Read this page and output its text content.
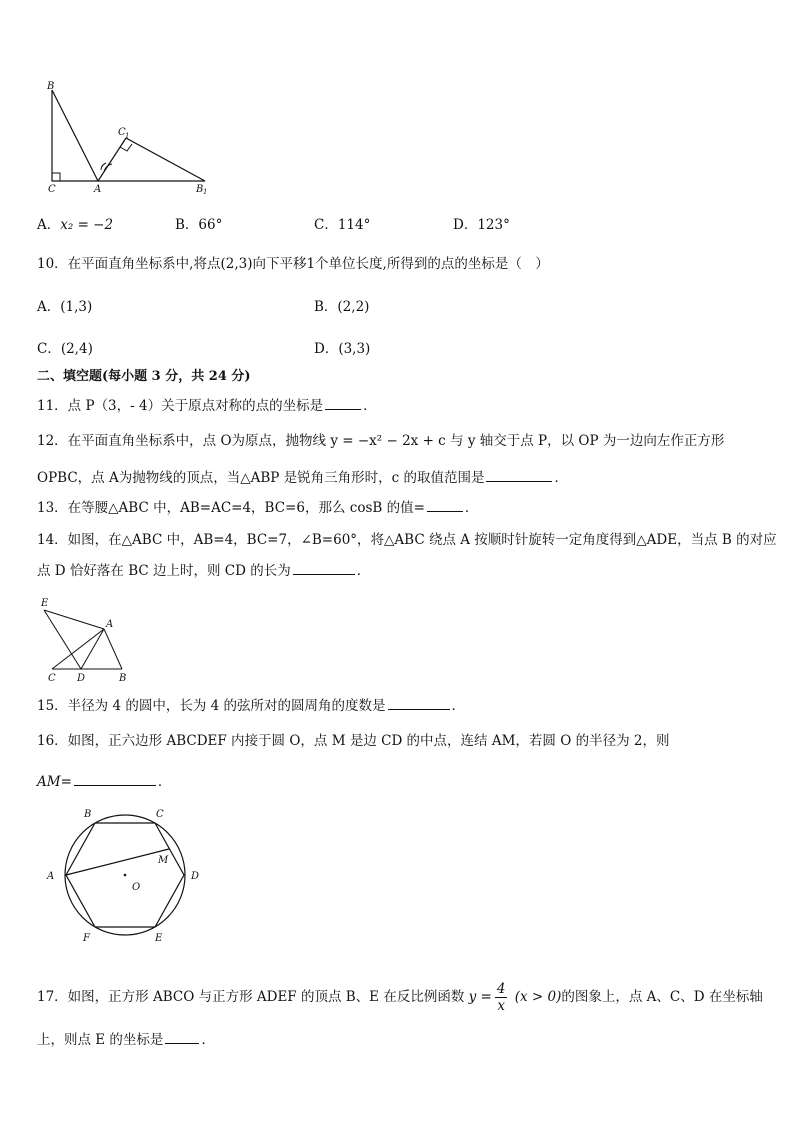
B
C 1
C	A	B 1
A．x₂ = −2	B．66°	C．114°	D．123°
10．在平面直角坐标系中,将点(2,3)向下平移1个单位长度,所得到的点的坐标是（　）
A．(1,3)	B．(2,2)
C．(2,4)	D．(3,3)
二、填空题(每小题 3 分，共 24 分)
11．点 P（3，- 4）关于原点对称的点的坐标是	．
12．在平面直角坐标系中，点 O为原点，抛物线 y = −x² − 2x + c 与 y 轴交于点 P，以 OP 为一边向左作正方形
OPBC，点 A为抛物线的顶点，当△ABP 是锐角三角形时，c 的取值范围是	．
13．在等腰△ABC 中，AB=AC=4，BC=6，那么 cosB 的值=	．
14．如图，在△ABC 中，AB=4，BC=7，∠B=60°，将△ABC 绕点 A 按顺时针旋转一定角度得到△ADE，当点 B 的对应
点 D 恰好落在 BC 边上时，则 CD 的长为	．
E
A
C D	B
15．半径为 4 的圆中，长为 4 的弦所对的圆周角的度数是	．
16．如图，正六边形 ABCDEF 内接于圆 O，点 M 是边 CD 的中点，连结 AM，若圆 O 的半径为 2，则
AM=	．
A
B	C
D
E
F
M
O
17．如图，正方形 ABCO 与正方形 ADEF 的顶点 B、E 在反比例函数 $y = \frac{4}{x} (x > 0)$的图象上，点 A、C、D 在坐标轴
上，则点 E 的坐标是	．
